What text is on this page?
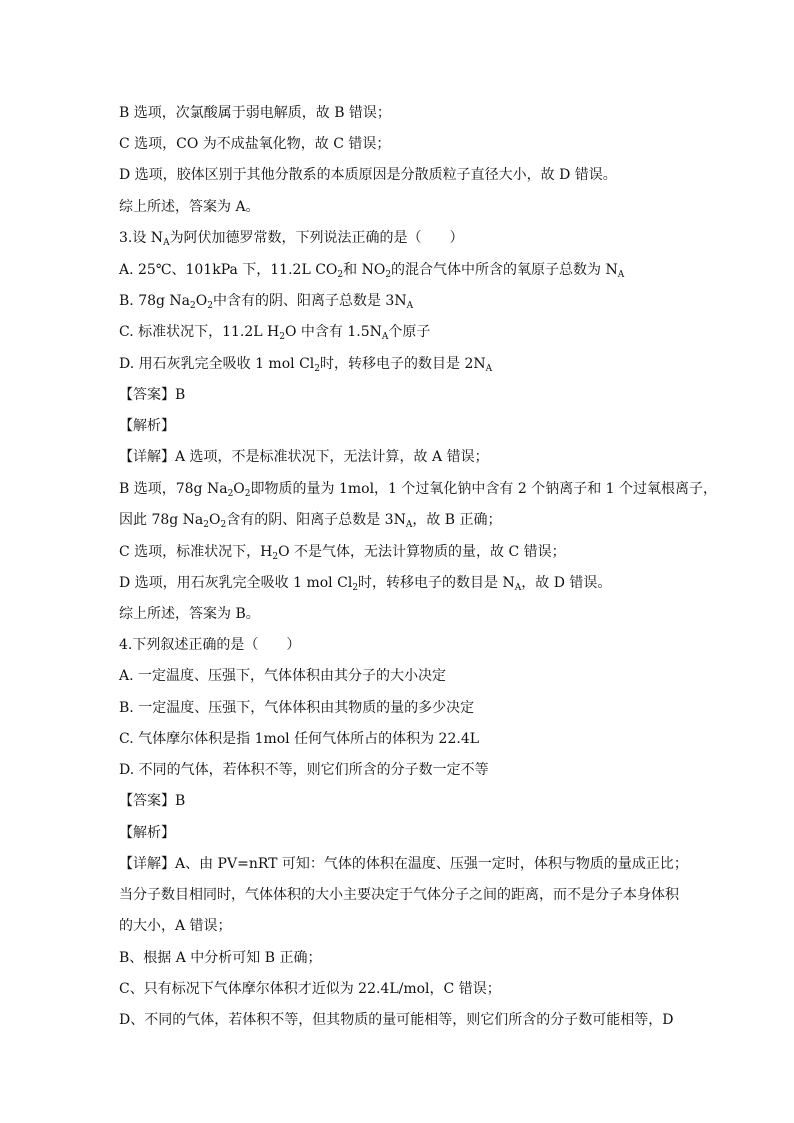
B 选项，次氯酸属于弱电解质，故 B 错误；
C 选项，CO 为不成盐氧化物，故 C 错误；
D 选项，胶体区别于其他分散系的本质原因是分散质粒子直径大小，故 D 错误。
综上所述，答案为 A。
3.设 $N_A$为阿伏加德罗常数，下列说法正确的是（　　）
A. 25℃、101kPa 下，11.2L $CO_2$和 $NO_2$的混合气体中所含的氧原子总数为 $N_A$
B. 78g $Na_2O_2$中含有的阴、阳离子总数是 $3N_A$
C. 标准状况下，11.2L $H_2O$ 中含有 $1.5N_A$个原子
D. 用石灰乳完全吸收 1 mol $Cl_2$时，转移电子的数目是 $2N_A$
【答案】B
【解析】
【详解】A 选项，不是标准状况下，无法计算，故 A 错误；
B 选项，78g $Na_2O_2$即物质的量为 1mol，1 个过氧化钠中含有 2 个钠离子和 1 个过氧根离子，
因此 78g $Na_2O_2$含有的阴、阳离子总数是 $3N_A$，故 B 正确；
C 选项，标准状况下，$H_2O$ 不是气体，无法计算物质的量，故 C 错误；
D 选项，用石灰乳完全吸收 1 mol $Cl_2$时，转移电子的数目是 $N_A$，故 D 错误。
综上所述，答案为 B。
4.下列叙述正确的是（　　）
A. 一定温度、压强下，气体体积由其分子的大小决定
B. 一定温度、压强下，气体体积由其物质的量的多少决定
C. 气体摩尔体积是指 1mol 任何气体所占的体积为 22.4L
D. 不同的气体，若体积不等，则它们所含的分子数一定不等
【答案】B
【解析】
【详解】A、由 PV=nRT 可知：气体的体积在温度、压强一定时，体积与物质的量成正比；
当分子数目相同时，气体体积的大小主要决定于气体分子之间的距离，而不是分子本身体积
的大小，A 错误；
B、根据 A 中分析可知 B 正确；
C、只有标况下气体摩尔体积才近似为 22.4L/mol，C 错误；
D、不同的气体，若体积不等，但其物质的量可能相等，则它们所含的分子数可能相等，D
